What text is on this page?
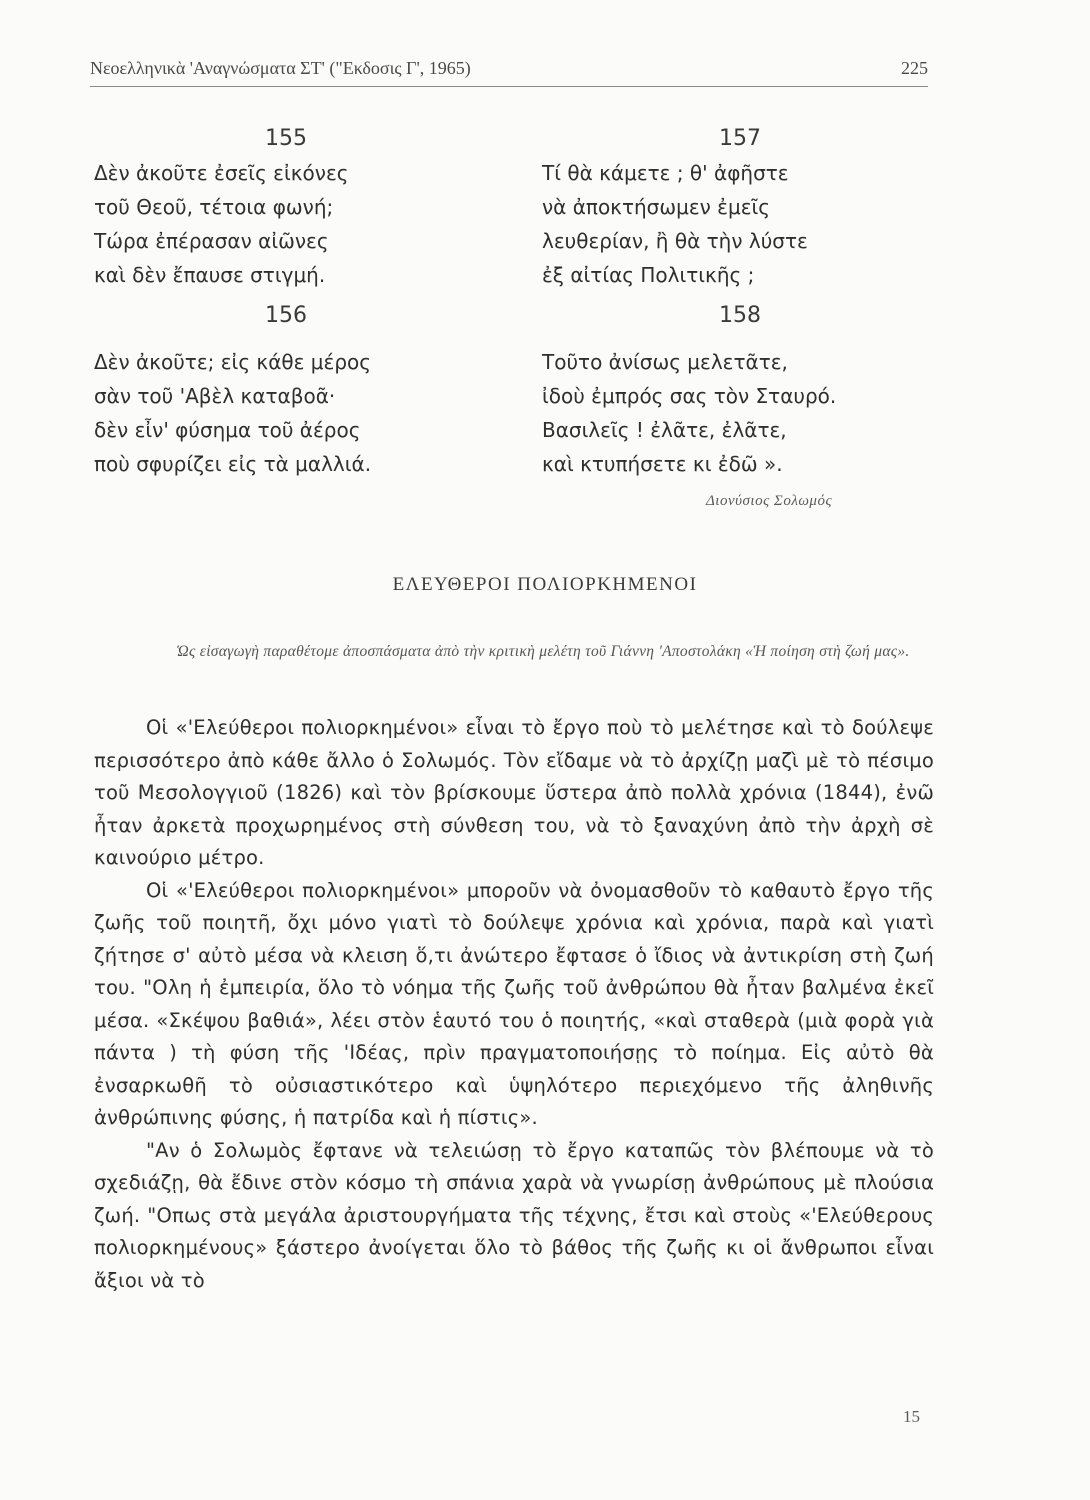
Νεοελληνικὰ 'Αναγνώσματα ΣΤ' ("Εκδοσις Γ', 1965)	225
155
Δὲν ἀκοῦτε ἐσεῖς εἰκόνες
τοῦ Θεοῦ, τέτοια φωνή;
Τώρα ἐπέρασαν αἰῶνες
καὶ δὲν ἔπαυσε στιγμή.
156
Δὲν ἀκοῦτε; εἰς κάθε μέρος
σὰν τοῦ 'Αβὲλ καταβοᾶ·
δὲν εἶν' φύσημα τοῦ ἀέρος
ποὺ σφυρίζει εἰς τὰ μαλλιά.
157
Τί θὰ κάμετε ; θ' ἀφῆστε
νὰ ἀποκτήσωμεν ἐμεῖς
λευθερίαν, ἢ θὰ τὴν λύστε
ἐξ αἰτίας Πολιτικῆς ;
158
Τοῦτο ἀνίσως μελετᾶτε,
ἰδοὺ ἐμπρός σας τὸν Σταυρό.
Βασιλεῖς ! ἐλᾶτε, ἐλᾶτε,
καὶ κτυπήσετε κι ἐδῶ ».
Διονύσιος Σολωμός
ΕΛΕΥΘΕΡΟΙ ΠΟΛΙΟΡΚΗΜΕΝΟΙ
Ὡς εἰσαγωγὴ παραθέτομε ἀποσπάσματα ἀπὸ τὴν κριτικὴ μελέτη τοῦ Γιάννη 'Αποστολάκη «Ἡ ποίηση στὴ ζωή μας».

Οἱ «'Ελεύθεροι πολιορκημένοι» εἶναι τὸ ἔργο ποὺ τὸ μελέτησε καὶ τὸ δούλεψε περισσότερο ἀπὸ κάθε ἄλλο ὁ Σολωμός. Τὸν εἴδαμε νὰ τὸ ἀρχίζῃ μαζὶ μὲ τὸ πέσιμο τοῦ Μεσολογγιοῦ (1826) καὶ τὸν βρίσκουμε ὕστερα ἀπὸ πολλὰ χρόνια (1844), ἐνῶ ἦταν ἀρκετὰ προχωρημένος στὴ σύνθεση του, νὰ τὸ ξαναχύνη ἀπὸ τὴν ἀρχὴ σὲ καινούριο μέτρο.

Οἱ «'Ελεύθεροι πολιορκημένοι» μποροῦν νὰ ὀνομασθοῦν τὸ καθαυτὸ ἔργο τῆς ζωῆς τοῦ ποιητῆ, ὄχι μόνο γιατὶ τὸ δούλεψε χρόνια καὶ χρόνια, παρὰ καὶ γιατὶ ζήτησε σ' αὐτὸ μέσα νὰ κλειση ὅ,τι ἀνώτερο ἔφτασε ὁ ἴδιος νὰ ἀντικρίση στὴ ζωή του. "Ολη ἡ ἐμπειρία, ὅλο τὸ νόημα τῆς ζωῆς τοῦ ἀνθρώπου θὰ ἦταν βαλμένα ἐκεῖ μέσα. «Σκέψου βαθιά», λέει στὸν ἑαυτό του ὁ ποιητής, «καὶ σταθερὰ (μιὰ φορὰ γιὰ πάντα ) τὴ φύση τῆς 'Ιδέας, πρὶν πραγματοποιήσῃς τὸ ποίημα. Εἰς αὐτὸ θὰ ἐνσαρκωθῆ τὸ οὐσιαστικότερο καὶ ὑψηλότερο περιεχόμενο τῆς ἀληθινῆς ἀνθρώπινης φύσης, ἡ πατρίδα καὶ ἡ πίστις».

"Αν ὁ Σολωμὸς ἔφτανε νὰ τελειώσῃ τὸ ἔργο καταπῶς τὸν βλέπουμε νὰ τὸ σχεδιάζῃ, θὰ ἔδινε στὸν κόσμο τὴ σπάνια χαρὰ νὰ γνωρίσῃ ἀνθρώπους μὲ πλούσια ζωή. "Οπως στὰ μεγάλα ἀριστουργήματα τῆς τέχνης, ἔτσι καὶ στοὺς «'Ελεύθερους πολιορκημένους» ξάστερο ἀνοίγεται ὅλο τὸ βάθος τῆς ζωῆς κι οἱ ἄνθρωποι εἶναι ἄξιοι νὰ τὸ

15
